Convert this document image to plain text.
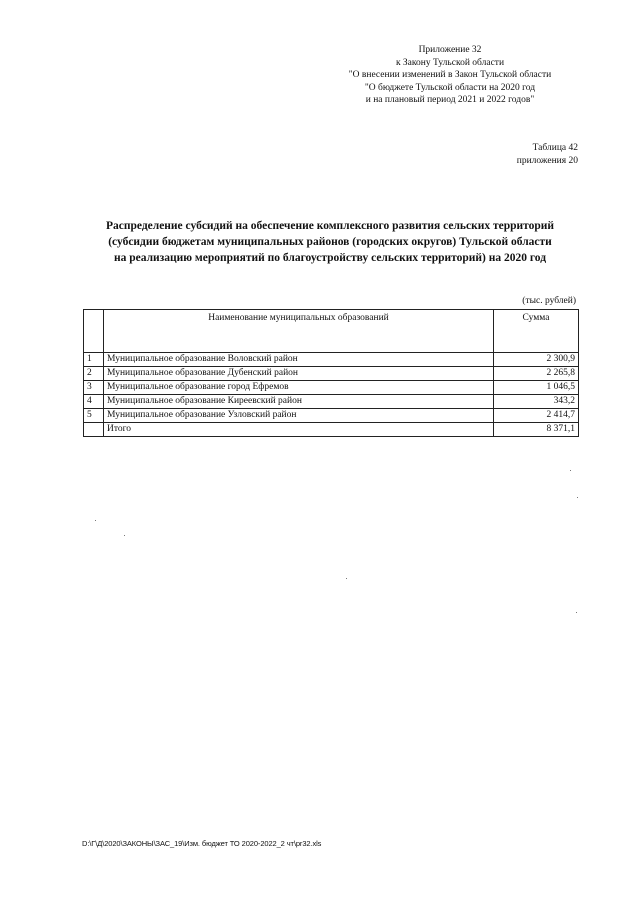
Приложение 32
к Закону Тульской области
"О внесении изменений в Закон Тульской области
"О бюджете Тульской области на 2020 год
и на плановый период 2021 и 2022 годов"
Таблица 42
приложения 20
Распределение субсидий на обеспечение комплексного развития сельских территорий
(субсидии бюджетам муниципальных районов (городских округов) Тульской области
на реализацию мероприятий по благоустройству сельских территорий) на 2020 год
(тыс. рублей)
	Наименование муниципальных образований	Сумма
1	Муниципальное образование Воловский район	2 300,9
2	Муниципальное образование Дубенский район	2 265,8
3	Муниципальное образование город Ефремов	1 046,5
4	Муниципальное образование Киреевский район	343,2
5	Муниципальное образование Узловский район	2 414,7
	Итого	8 371,1
D:\Г\Д\2020\ЗАКОНЫ\ЗАС_19\Изм. бюджет ТО 2020-2022_2 чт\pr32.xls
